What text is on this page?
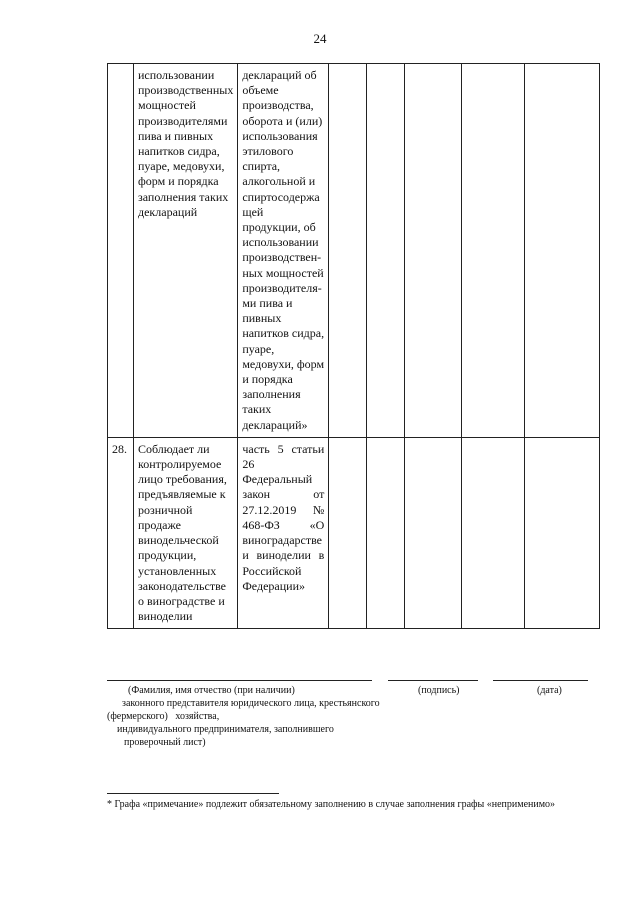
24
	использовании производственных мощностей производителями пива и пивных напитков сидра, пуаре, медовухи, форм и порядка заполнения таких деклараций	деклараций об объеме производства, оборота и (или) использования этилового спирта, алкогольной и спиртосодержа щей продукции, об использовании производствен-ных мощностей производителя-ми пива и пивных напитков сидра, пуаре, медовухи, форм и порядка заполнения таких деклараций»					
28.	Соблюдает ли контролируемое лицо требования, предъявляемые к розничной продаже винодельческой продукции, установленных законодательстве о виноградстве и виноделии	часть 5 статьи 26 Федеральный закон от 27.12.2019 № 468-ФЗ «О виноградарстве и виноделии в Российской Федерации»					
(Фамилия, имя отчество (при наличии)
законного представителя юридического лица, крестьянского
(фермерского)   хозяйства,
индивидуального предпринимателя, заполнившего
проверочный лист)
(подпись)	(дата)
* Графа «примечание» подлежит обязательному заполнению в случае заполнения графы «неприменимо»
